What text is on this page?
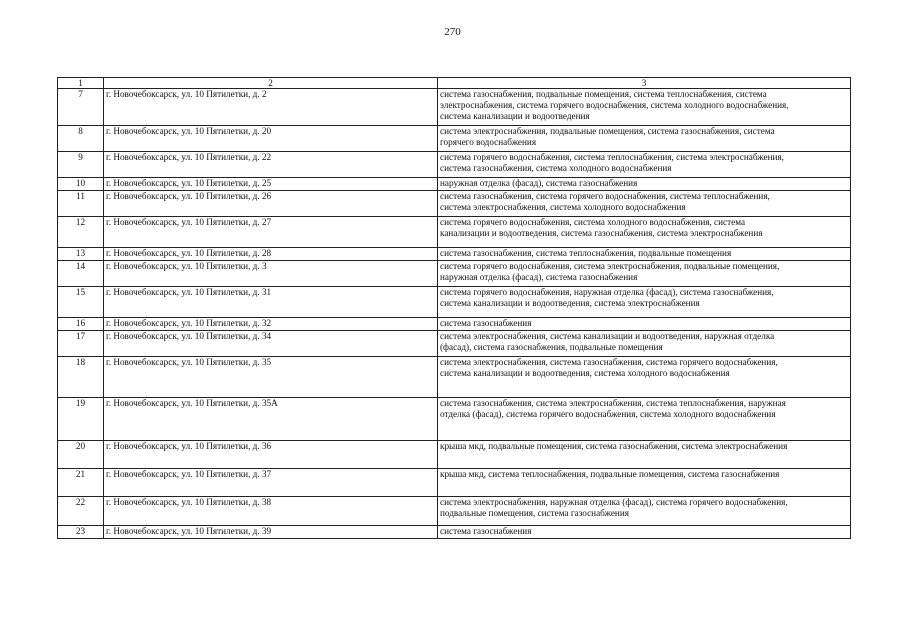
270
1	2	3
7	г. Новочебоксарск, ул. 10 Пятилетки, д. 2	система газоснабжения, подвальные помещения, система теплоснабжения, система
электроснабжения, система горячего водоснабжения, система холодного водоснабжения,
система канализации и водоотведения
8	г. Новочебоксарск, ул. 10 Пятилетки, д. 20	система электроснабжения, подвальные помещения, система газоснабжения, система
горячего водоснабжения
9	г. Новочебоксарск, ул. 10 Пятилетки, д. 22	система горячего водоснабжения, система теплоснабжения, система электроснабжения,
система газоснабжения, система холодного водоснабжения
10	г. Новочебоксарск, ул. 10 Пятилетки, д. 25	наружная отделка (фасад), система газоснабжения
11	г. Новочебоксарск, ул. 10 Пятилетки, д. 26	система газоснабжения, система горячего водоснабжения, система теплоснабжения,
система электроснабжения, система холодного водоснабжения
12	г. Новочебоксарск, ул. 10 Пятилетки, д. 27	система горячего водоснабжения, система холодного водоснабжения, система
канализации и водоотведения, система газоснабжения, система электроснабжения
13	г. Новочебоксарск, ул. 10 Пятилетки, д. 28	система газоснабжения, система теплоснабжения, подвальные помещения
14	г. Новочебоксарск, ул. 10 Пятилетки, д. 3	система горячего водоснабжения, система электроснабжения, подвальные помещения,
наружная отделка (фасад), система газоснабжения
15	г. Новочебоксарск, ул. 10 Пятилетки, д. 31	система горячего водоснабжения, наружная отделка (фасад), система газоснабжения,
система канализации и водоотведения, система электроснабжения
16	г. Новочебоксарск, ул. 10 Пятилетки, д. 32	система газоснабжения
17	г. Новочебоксарск, ул. 10 Пятилетки, д. 34	система электроснабжения, система канализации и водоотведения, наружная отделка
(фасад), система газоснабжения, подвальные помещения
18	г. Новочебоксарск, ул. 10 Пятилетки, д. 35	система электроснабжения, система газоснабжения, система горячего водоснабжения,
система канализации и водоотведения, система холодного водоснабжения
19	г. Новочебоксарск, ул. 10 Пятилетки, д. 35А	система газоснабжения, система электроснабжения, система теплоснабжения, наружная
отделка (фасад), система горячего водоснабжения, система холодного водоснабжения
20	г. Новочебоксарск, ул. 10 Пятилетки, д. 36	крыша мкд, подвальные помещения, система газоснабжения, система электроснабжения
21	г. Новочебоксарск, ул. 10 Пятилетки, д. 37	крыша мкд, система теплоснабжения, подвальные помещения, система газоснабжения
22	г. Новочебоксарск, ул. 10 Пятилетки, д. 38	система электроснабжения, наружная отделка (фасад), система горячего водоснабжения,
подвальные помещения, система газоснабжения
23	г. Новочебоксарск, ул. 10 Пятилетки, д. 39	система газоснабжения
